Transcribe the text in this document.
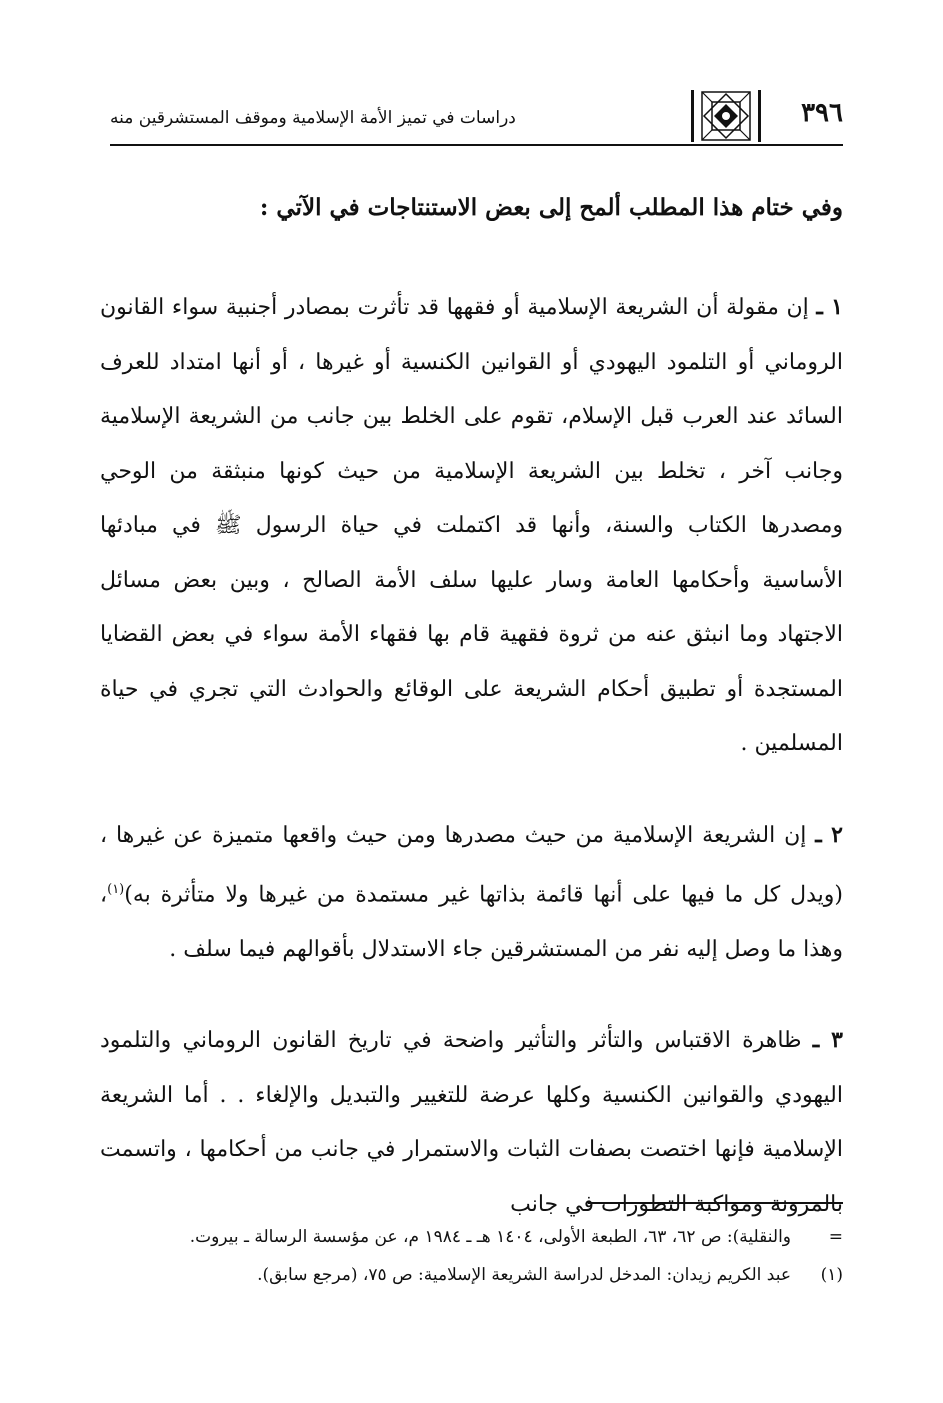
٣٩٦
دراسات في تميز الأمة الإسلامية وموقف المستشرقين منه

وفي ختام هذا المطلب ألمح إلى بعض الاستنتاجات في الآتي :

١ ـ إن مقولة أن الشريعة الإسلامية أو فقهها قد تأثرت بمصادر أجنبية سواء القانون الروماني أو التلمود اليهودي أو القوانين الكنسية أو غيرها ، أو أنها امتداد للعرف السائد عند العرب قبل الإسلام، تقوم على الخلط بين جانب من الشريعة الإسلامية وجانب آخر ، تخلط بين الشريعة الإسلامية من حيث كونها منبثقة من الوحي ومصدرها الكتاب والسنة، وأنها قد اكتملت في حياة الرسول ﷺ في مبادئها الأساسية وأحكامها العامة وسار عليها سلف الأمة الصالح ، وبين بعض مسائل الاجتهاد وما انبثق عنه من ثروة فقهية قام بها فقهاء الأمة سواء في بعض القضايا المستجدة أو تطبيق أحكام الشريعة على الوقائع والحوادث التي تجري في حياة المسلمين .

٢ ـ إن الشريعة الإسلامية من حيث مصدرها ومن حيث واقعها متميزة عن غيرها ، (ويدل كل ما فيها على أنها قائمة بذاتها غير مستمدة من غيرها ولا متأثرة به)$^{(١)}$، وهذا ما وصل إليه نفر من المستشرقين جاء الاستدلال بأقوالهم فيما سلف .

٣ ـ ظاهرة الاقتباس والتأثر والتأثير واضحة في تاريخ القانون الروماني والتلمود اليهودي والقوانين الكنسية وكلها عرضة للتغيير والتبديل والإلغاء . . أما الشريعة الإسلامية فإنها اختصت بصفات الثبات والاستمرار في جانب من أحكامها ، واتسمت بالمرونة ومواكبة التطورات في جانب

=
والنقلية): ص ٦٢، ٦٣، الطبعة الأولى، ١٤٠٤ هـ ـ ١٩٨٤ م، عن مؤسسة الرسالة ـ بيروت.
(١)
عبد الكريم زيدان: المدخل لدراسة الشريعة الإسلامية: ص ٧٥، (مرجع سابق).
